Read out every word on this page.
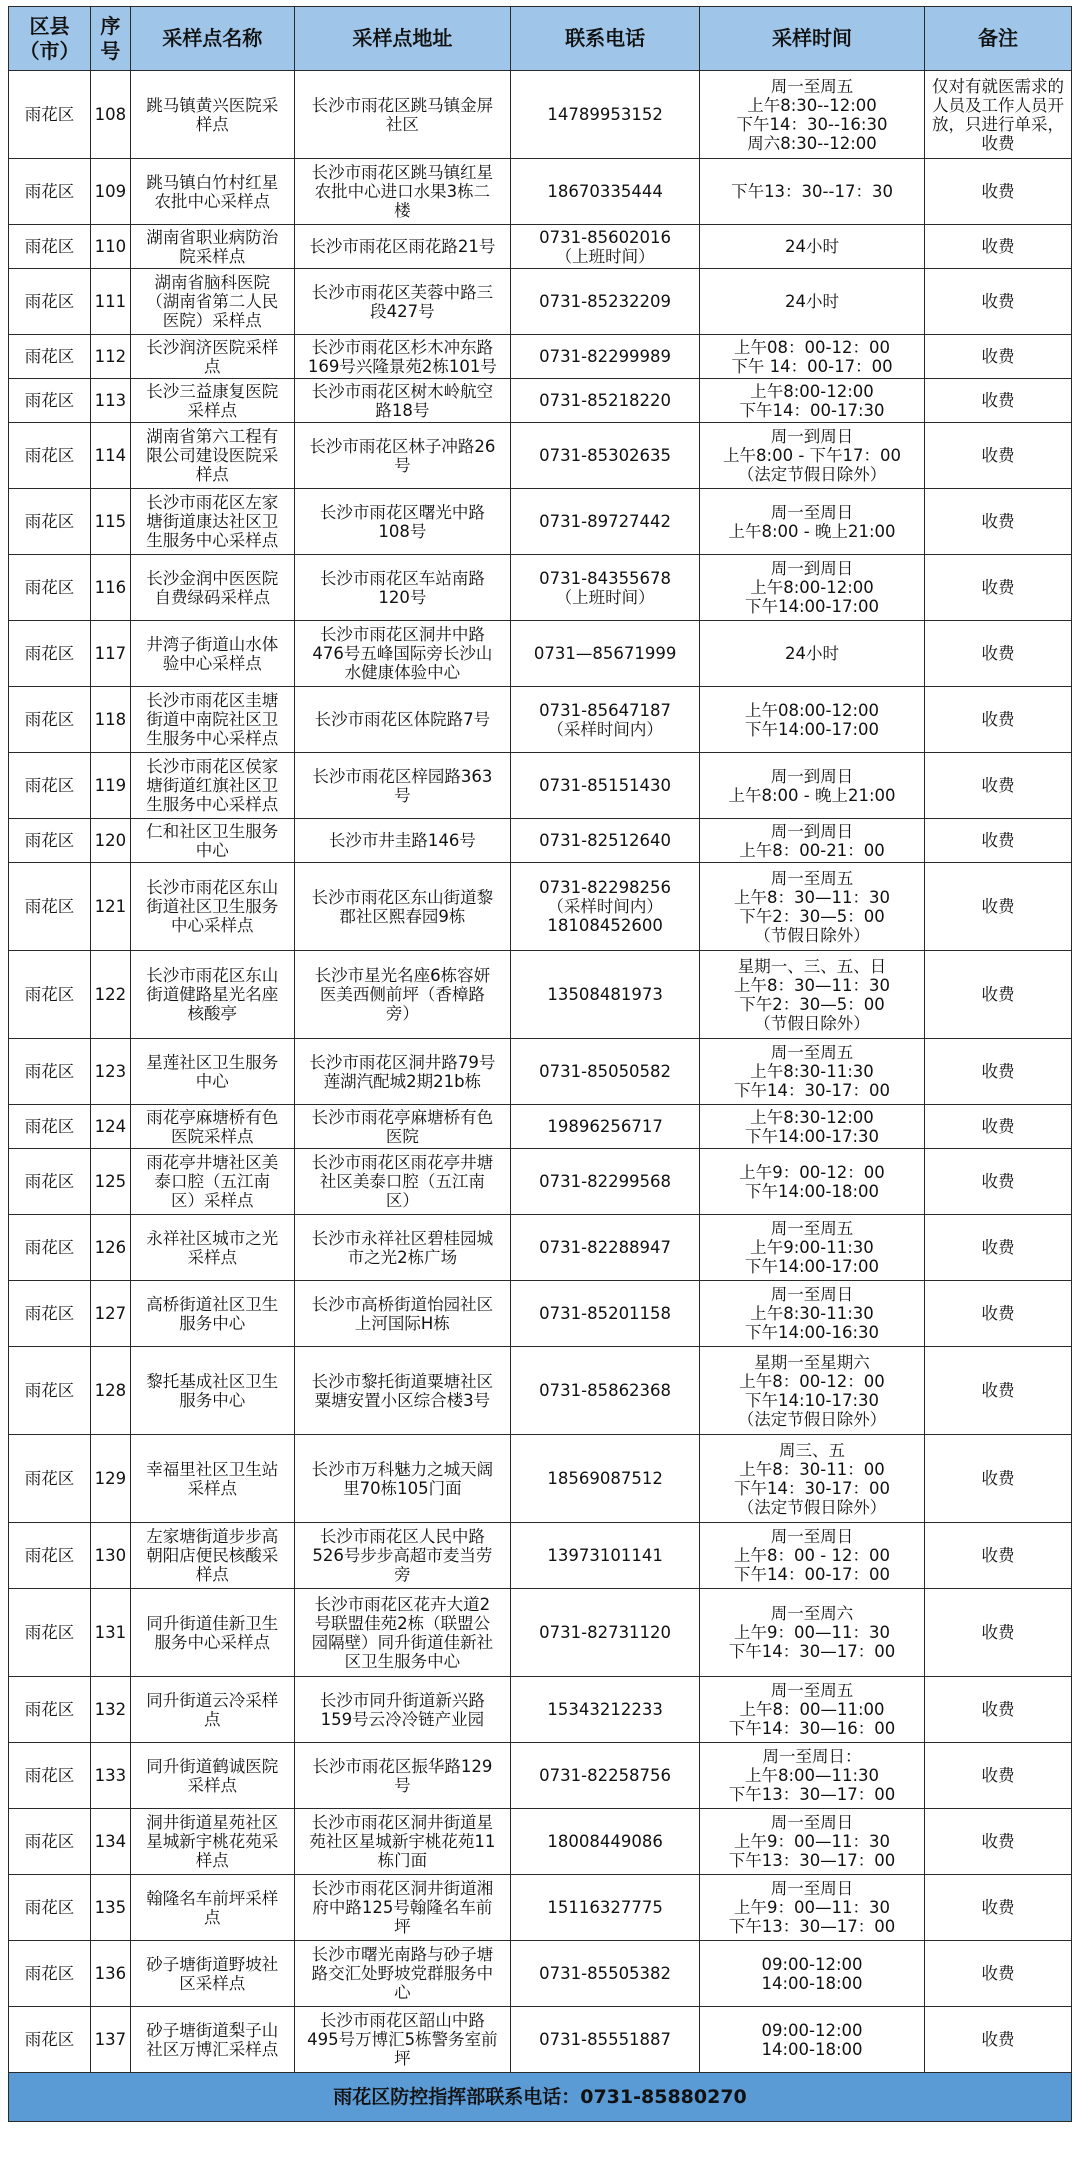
区县
（市）	序
号	采样点名称	采样点地址	联系电话	采样时间	备注
雨花区	108	跳马镇黄兴医院采
样点	长沙市雨花区跳马镇金屏
社区	14789953152	周一至周五
上午8:30--12:00
下午14：30--16:30
周六8:30--12:00	仅对有就医需求的
人员及工作人员开
放，只进行单采，
收费
雨花区	109	跳马镇白竹村红星
农批中心采样点	长沙市雨花区跳马镇红星
农批中心进口水果3栋二
楼	18670335444	下午13：30--17：30	收费
雨花区	110	湖南省职业病防治
院采样点	长沙市雨花区雨花路21号	0731-85602016
（上班时间）	24小时	收费
雨花区	111	湖南省脑科医院
（湖南省第二人民
医院）采样点	长沙市雨花区芙蓉中路三
段427号	0731-85232209	24小时	收费
雨花区	112	长沙润济医院采样
点	长沙市雨花区杉木冲东路
169号兴隆景苑2栋101号	0731-82299989	上午08：00-12：00
下午 14：00-17：00	收费
雨花区	113	长沙三益康复医院
采样点	长沙市雨花区树木岭航空
路18号	0731-85218220	上午8:00-12:00
下午14：00-17:30	收费
雨花区	114	湖南省第六工程有
限公司建设医院采
样点	长沙市雨花区林子冲路26
号	0731-85302635	周一到周日
上午8:00 - 下午17：00
（法定节假日除外）	收费
雨花区	115	长沙市雨花区左家
塘街道康达社区卫
生服务中心采样点	长沙市雨花区曙光中路
108号	0731-89727442	周一至周日
上午8:00 - 晚上21:00	收费
雨花区	116	长沙金润中医医院
自费绿码采样点	长沙市雨花区车站南路
120号	0731-84355678
（上班时间）	周一到周日
上午8:00-12:00
下午14:00-17:00	收费
雨花区	117	井湾子街道山水体
验中心采样点	长沙市雨花区洞井中路
476号五峰国际旁长沙山
水健康体验中心	0731—85671999	24小时	收费
雨花区	118	长沙市雨花区圭塘
街道中南院社区卫
生服务中心采样点	长沙市雨花区体院路7号	0731-85647187
（采样时间内）	上午08:00-12:00
下午14:00-17:00	收费
雨花区	119	长沙市雨花区侯家
塘街道红旗社区卫
生服务中心采样点	长沙市雨花区梓园路363
号	0731-85151430	周一到周日
上午8:00 - 晚上21:00	收费
雨花区	120	仁和社区卫生服务
中心	长沙市井圭路146号	0731-82512640	周一到周日
上午8：00-21：00	收费
雨花区	121	长沙市雨花区东山
街道社区卫生服务
中心采样点	长沙市雨花区东山街道黎
郡社区熙春园9栋	0731-82298256
（采样时间内）
18108452600	周一至周五
上午8：30—11：30
下午2：30—5：00
（节假日除外）	收费
雨花区	122	长沙市雨花区东山
街道健路星光名座
核酸亭	长沙市星光名座6栋容妍
医美西侧前坪（香樟路
旁）	13508481973	星期一、三、五、日
上午8：30—11：30
下午2：30—5：00
（节假日除外）	收费
雨花区	123	星莲社区卫生服务
中心	长沙市雨花区洞井路79号
莲湖汽配城2期21b栋	0731-85050582	周一至周五
上午8:30-11:30
下午14：30-17：00	收费
雨花区	124	雨花亭麻塘桥有色
医院采样点	长沙市雨花亭麻塘桥有色
医院	19896256717	上午8:30-12:00
下午14:00-17:30	收费
雨花区	125	雨花亭井塘社区美
泰口腔（五江南
区）采样点	长沙市雨花区雨花亭井塘
社区美泰口腔（五江南
区）	0731-82299568	上午9：00-12：00
下午14:00-18:00	收费
雨花区	126	永祥社区城市之光
采样点	长沙市永祥社区碧桂园城
市之光2栋广场	0731-82288947	周一至周五
上午9:00-11:30
下午14:00-17:00	收费
雨花区	127	高桥街道社区卫生
服务中心	长沙市高桥街道怡园社区
上河国际H栋	0731-85201158	周一至周日
上午8:30-11:30
下午14:00-16:30	收费
雨花区	128	黎托基成社区卫生
服务中心	长沙市黎托街道粟塘社区
粟塘安置小区综合楼3号	0731-85862368	星期一至星期六
上午8：00-12：00
下午14:10-17:30
（法定节假日除外）	收费
雨花区	129	幸福里社区卫生站
采样点	长沙市万科魅力之城天阔
里70栋105门面	18569087512	周三、五
上午8：30-11：00
下午14：30-17：00
（法定节假日除外）	收费
雨花区	130	左家塘街道步步高
朝阳店便民核酸采
样点	长沙市雨花区人民中路
526号步步高超市麦当劳
旁	13973101141	周一至周日
上午8：00 - 12：00
下午14：00-17：00	收费
雨花区	131	同升街道佳新卫生
服务中心采样点	长沙市雨花区花卉大道2
号联盟佳苑2栋（联盟公
园隔壁）同升街道佳新社
区卫生服务中心	0731-82731120	周一至周六
上午9：00—11：30
下午14：30—17：00	收费
雨花区	132	同升街道云冷采样
点	长沙市同升街道新兴路
159号云冷冷链产业园	15343212233	周一至周五
上午8：00—11:00
下午14：30—16：00	收费
雨花区	133	同升街道鹤诚医院
采样点	长沙市雨花区振华路129
号	0731-82258756	周一至周日：
上午8:00—11:30
下午13：30—17：00	收费
雨花区	134	洞井街道星苑社区
星城新宇桃花苑采
样点	长沙市雨花区洞井街道星
苑社区星城新宇桃花苑11
栋门面	18008449086	周一至周日
上午9：00—11：30
下午13：30—17：00	收费
雨花区	135	翰隆名车前坪采样
点	长沙市雨花区洞井街道湘
府中路125号翰隆名车前
坪	15116327775	周一至周日
上午9：00—11：30
下午13：30—17：00	收费
雨花区	136	砂子塘街道野坡社
区采样点	长沙市曙光南路与砂子塘
路交汇处野坡党群服务中
心	0731-85505382	09:00-12:00
14:00-18:00	收费
雨花区	137	砂子塘街道梨子山
社区万博汇采样点	长沙市雨花区韶山中路
495号万博汇5栋警务室前
坪	0731-85551887	09:00-12:00
14:00-18:00	收费
雨花区防控指挥部联系电话：0731-85880270						
